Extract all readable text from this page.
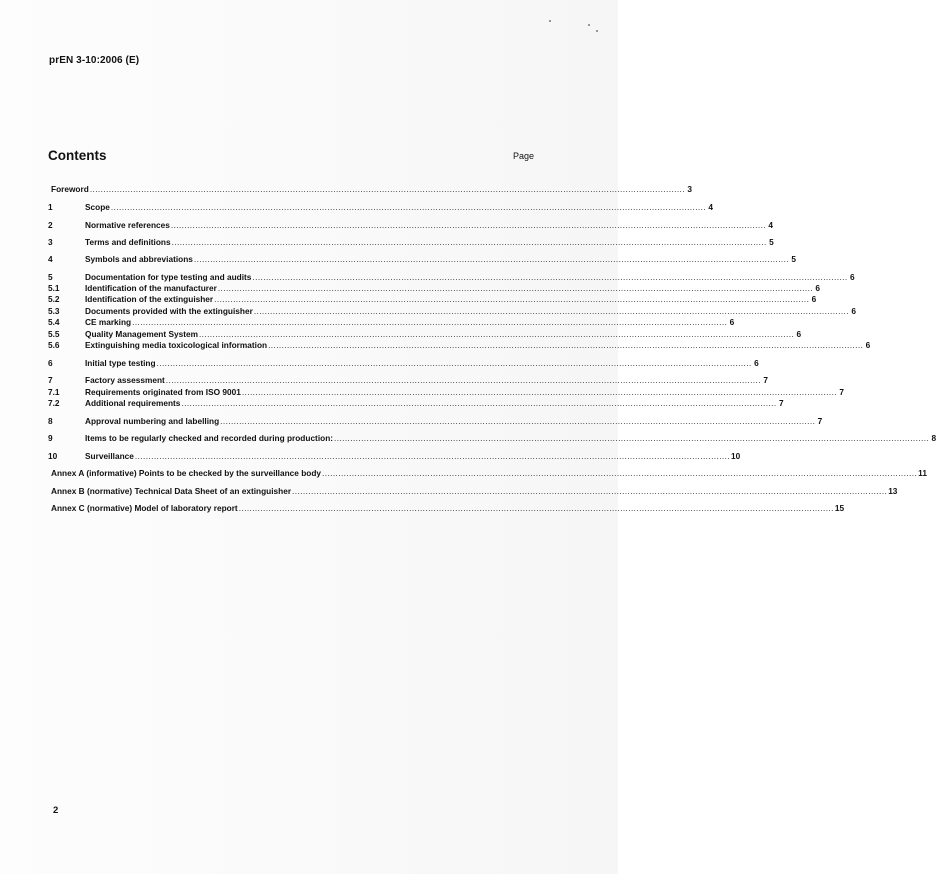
prEN 3-10:2006 (E)
Contents	Page
Foreword ............................................................................................................................................................................................................................ 3
1	Scope ............................................................................................................................................................................................................................ 4
2	Normative references ............................................................................................................................................................................................................................ 4
3	Terms and definitions ............................................................................................................................................................................................................................ 5
4	Symbols and abbreviations ............................................................................................................................................................................................................................ 5
5	Documentation for type testing and audits ............................................................................................................................................................................................................................ 6
5.1	Identification of the manufacturer ............................................................................................................................................................................................................................ 6
5.2	Identification of the extinguisher ............................................................................................................................................................................................................................ 6
5.3	Documents provided with the extinguisher ............................................................................................................................................................................................................................ 6
5.4	CE marking ............................................................................................................................................................................................................................ 6
5.5	Quality Management System ............................................................................................................................................................................................................................ 6
5.6	Extinguishing media toxicological information ............................................................................................................................................................................................................................ 6
6	Initial type testing ............................................................................................................................................................................................................................ 6
7	Factory assessment ............................................................................................................................................................................................................................ 7
7.1	Requirements originated from ISO 9001 ............................................................................................................................................................................................................................ 7
7.2	Additional requirements ............................................................................................................................................................................................................................ 7
8	Approval numbering and labelling ............................................................................................................................................................................................................................ 7
9	Items to be regularly checked and recorded during production: ............................................................................................................................................................................................................................ 8
10	Surveillance ............................................................................................................................................................................................................................ 10
Annex A (informative) Points to be checked by the surveillance body ............................................................................................................................................................................................................................ 11
Annex B (normative) Technical Data Sheet of an extinguisher ............................................................................................................................................................................................................................ 13
Annex C (normative) Model of laboratory report ............................................................................................................................................................................................................................ 15
2
